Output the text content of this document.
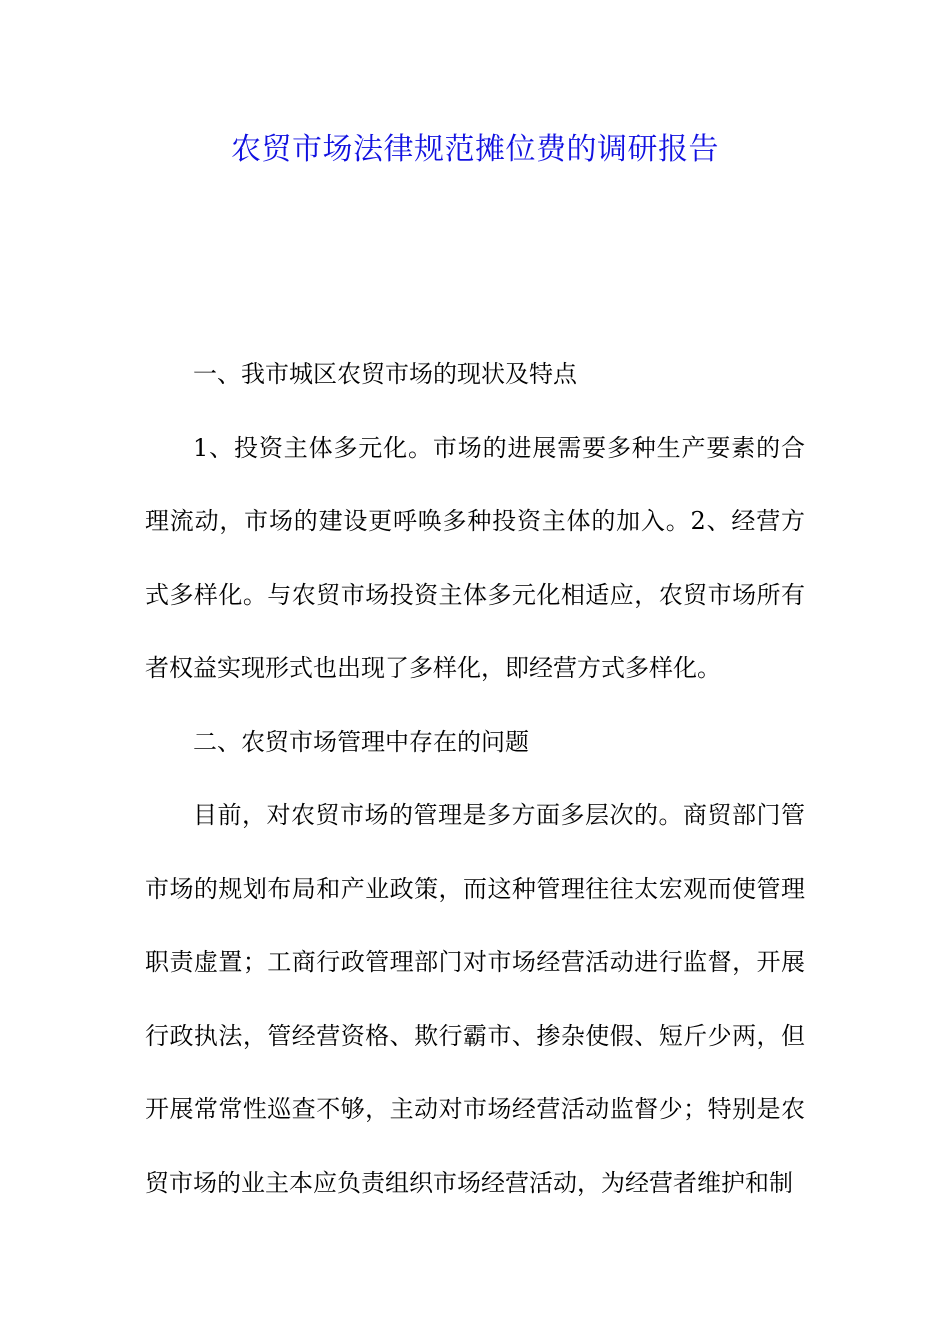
农贸市场法律规范摊位费的调研报告

一、我市城区农贸市场的现状及特点

1、投资主体多元化。市场的进展需要多种生产要素的合理流动，市场的建设更呼唤多种投资主体的加入。2、经营方式多样化。与农贸市场投资主体多元化相适应，农贸市场所有者权益实现形式也出现了多样化，即经营方式多样化。

二、农贸市场管理中存在的问题

目前，对农贸市场的管理是多方面多层次的。商贸部门管市场的规划布局和产业政策，而这种管理往往太宏观而使管理职责虚置；工商行政管理部门对市场经营活动进行监督，开展行政执法，管经营资格、欺行霸市、掺杂使假、短斤少两，但开展常常性巡查不够，主动对市场经营活动监督少；特别是农贸市场的业主本应负责组织市场经营活动，为经营者维护和制
